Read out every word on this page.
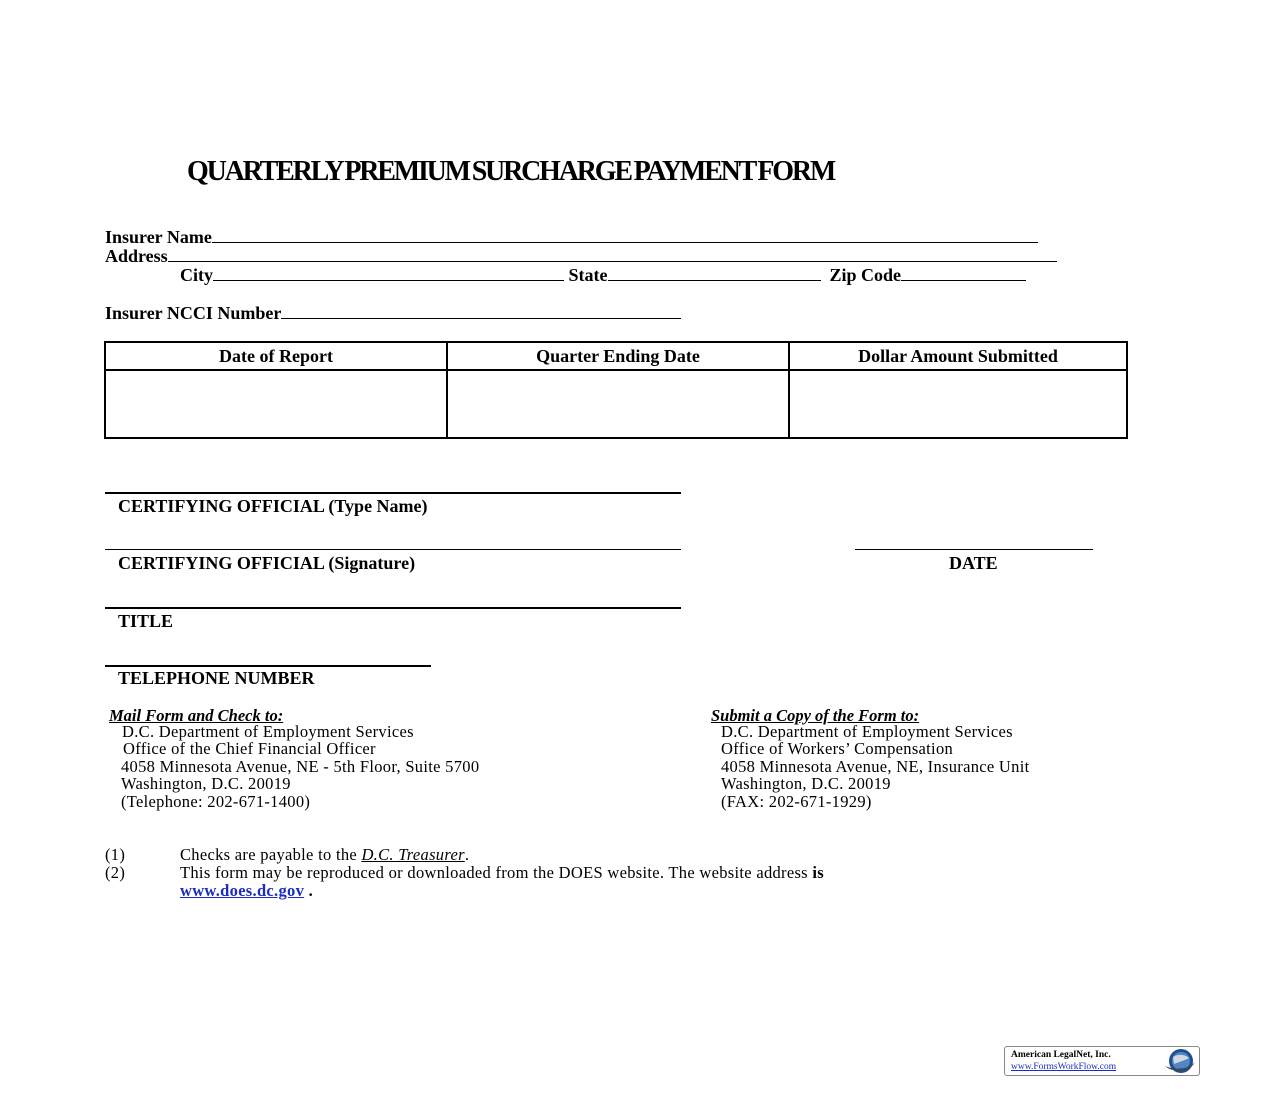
QUARTERLY PREMIUM SURCHARGE PAYMENT FORM
Insurer Name
Address
City	State	Zip Code
Insurer NCCI Number
Date of Report	Quarter Ending Date	Dollar Amount Submitted

CERTIFYING OFFICIAL (Type Name)
CERTIFYING OFFICIAL (Signature)	DATE
TITLE
TELEPHONE NUMBER
Mail Form and Check to:
D.C. Department of Employment Services
Office of the Chief Financial Officer
4058 Minnesota Avenue, NE - 5th Floor, Suite 5700
Washington, D.C. 20019
(Telephone: 202-671-1400)
Submit a Copy of the Form to:
D.C. Department of Employment Services
Office of Workers’ Compensation
4058 Minnesota Avenue, NE, Insurance Unit
Washington, D.C. 20019
(FAX: 202-671-1929)
(1)	Checks are payable to the D.C. Treasurer.
(2)	This form may be reproduced or downloaded from the DOES website. The website address is
www.does.dc.gov .
American LegalNet, Inc.
www.FormsWorkFlow.com
